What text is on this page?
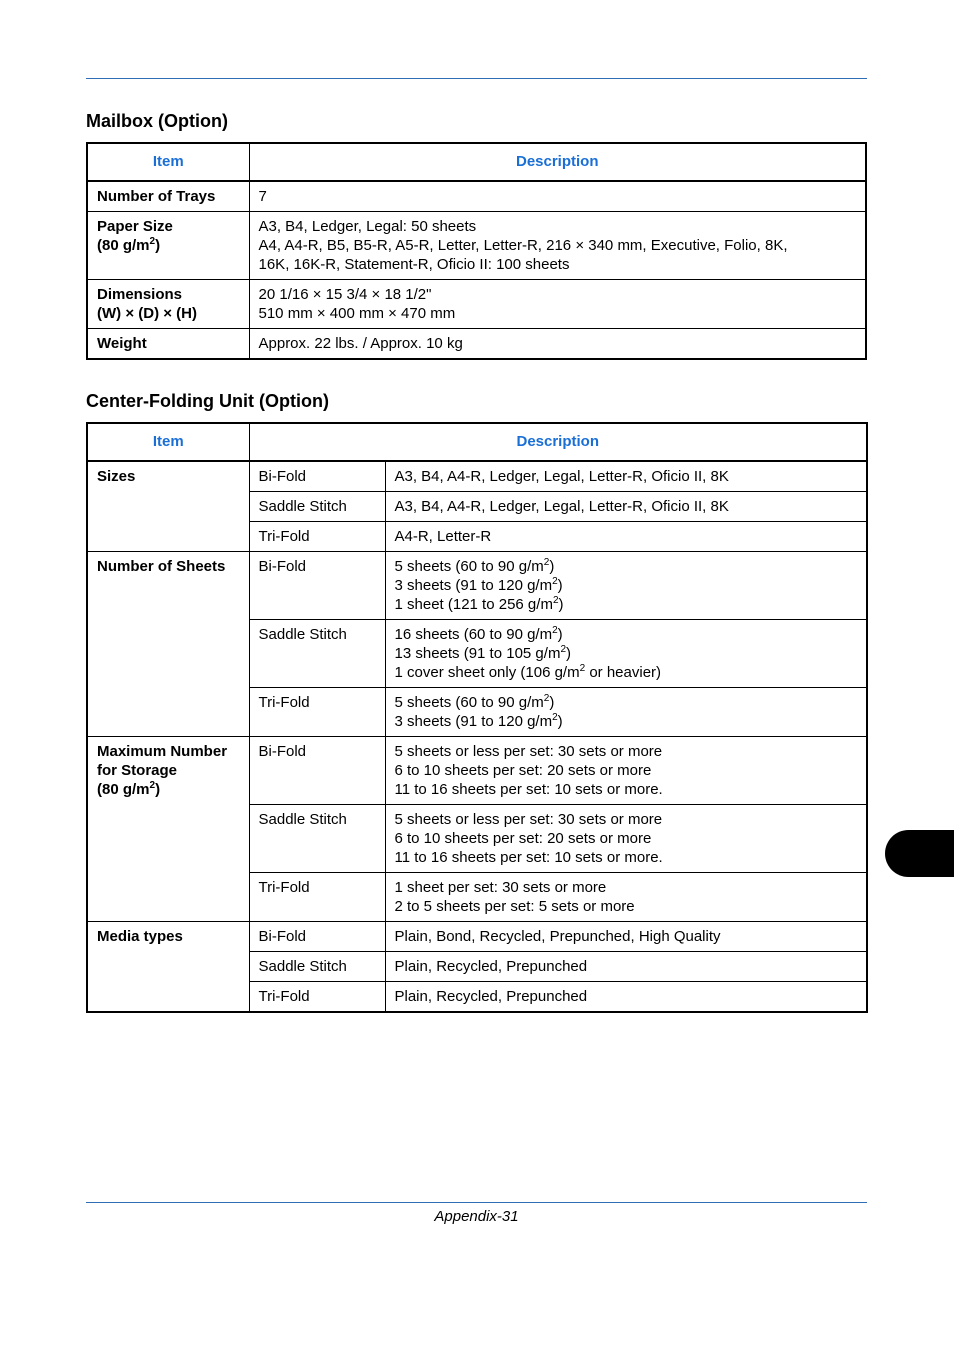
Mailbox (Option)
Item	Description

Number of Trays	7

Paper Size
(80 $g/m^2$)	A3, B4, Ledger, Legal: 50 sheets
A4, A4-R, B5, B5-R, A5-R, Letter, Letter-R, 216 × 340 mm, Executive, Folio, 8K,
16K, 16K-R, Statement-R, Oficio II: 100 sheets

Dimensions
(W) × (D) × (H)	20 1/16 × 15 3/4 × 18 1/2"
510 mm × 400 mm × 470 mm

Weight	Approx. 22 lbs. / Approx. 10 kg
Center-Folding Unit (Option)
Item	Description	

Sizes	Bi-Fold	A3, B4, A4-R, Ledger, Legal, Letter-R, Oficio II, 8K

	Saddle Stitch	A3, B4, A4-R, Ledger, Legal, Letter-R, Oficio II, 8K

	Tri-Fold	A4-R, Letter-R

Number of Sheets	Bi-Fold	5 sheets (60 to 90 $g/m^2$)
3 sheets (91 to 120 $g/m^2$)
1 sheet (121 to 256 $g/m^2$)

	Saddle Stitch	16 sheets (60 to 90 $g/m^2$)
13 sheets (91 to 105 $g/m^2$)
1 cover sheet only (106 $g/m^2$ or heavier)

	Tri-Fold	5 sheets (60 to 90 $g/m^2$)
3 sheets (91 to 120 $g/m^2$)

Maximum Number
for Storage
(80 $g/m^2$)	Bi-Fold	5 sheets or less per set: 30 sets or more
6 to 10 sheets per set: 20 sets or more
11 to 16 sheets per set: 10 sets or more.

	Saddle Stitch	5 sheets or less per set: 30 sets or more
6 to 10 sheets per set: 20 sets or more
11 to 16 sheets per set: 10 sets or more.

	Tri-Fold	1 sheet per set: 30 sets or more
2 to 5 sheets per set: 5 sets or more

Media types	Bi-Fold	Plain, Bond, Recycled, Prepunched, High Quality

	Saddle Stitch	Plain, Recycled, Prepunched

	Tri-Fold	Plain, Recycled, Prepunched
Appendix-31
